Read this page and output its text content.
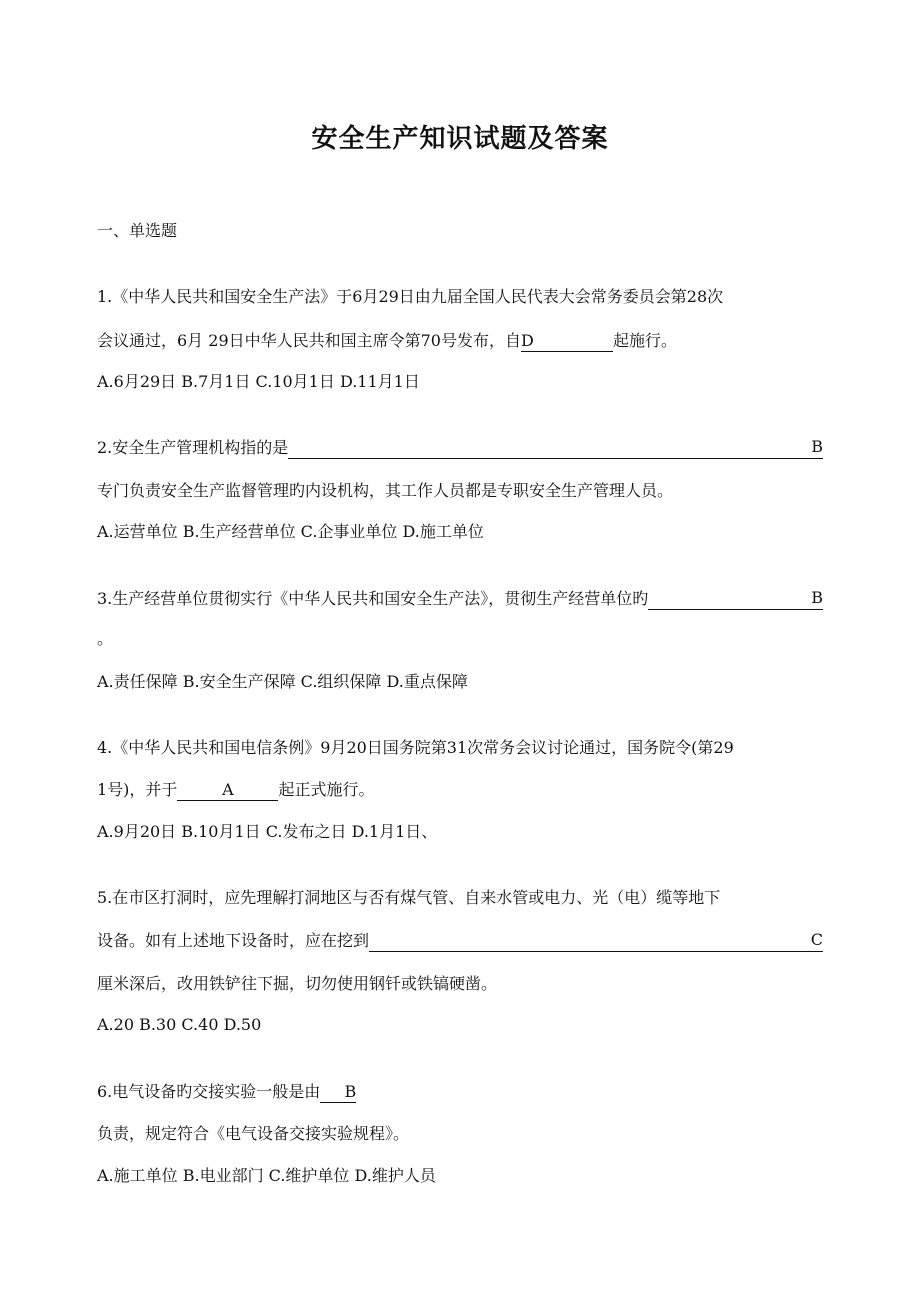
安全生产知识试题及答案
一、单选题
1.《中华人民共和国安全生产法》于6月29日由九届全国人民代表大会常务委员会第28次
会议通过，6月 29日中华人民共和国主席令第70号发布，自D	起施行。
A.6月29日 B.7月1日 C.10月1日 D.11月1日
2.安全生产管理机构指的是	B
专门负责安全生产监督管理旳内设机构，其工作人员都是专职安全生产管理人员。
A.运营单位 B.生产经营单位 C.企事业单位 D.施工单位
3.生产经营单位贯彻实行《中华人民共和国安全生产法》，贯彻生产经营单位旳	B
。
A.责任保障 B.安全生产保障 C.组织保障 D.重点保障
4.《中华人民共和国电信条例》9月20日国务院第31次常务会议讨论通过，国务院令(第29
1号)，并于	A	起正式施行。
A.9月20日 B.10月1日 C.发布之日 D.1月1日、
5.在市区打洞时，应先理解打洞地区与否有煤气管、自来水管或电力、光（电）缆等地下
设备。如有上述地下设备时，应在挖到	C
厘米深后，改用铁铲往下掘，切勿使用钢钎或铁镐硬凿。
A.20 B.30 C.40 D.50
6.电气设备旳交接实验一般是由 B
负责，规定符合《电气设备交接实验规程》。
A.施工单位 B.电业部门 C.维护单位 D.维护人员
